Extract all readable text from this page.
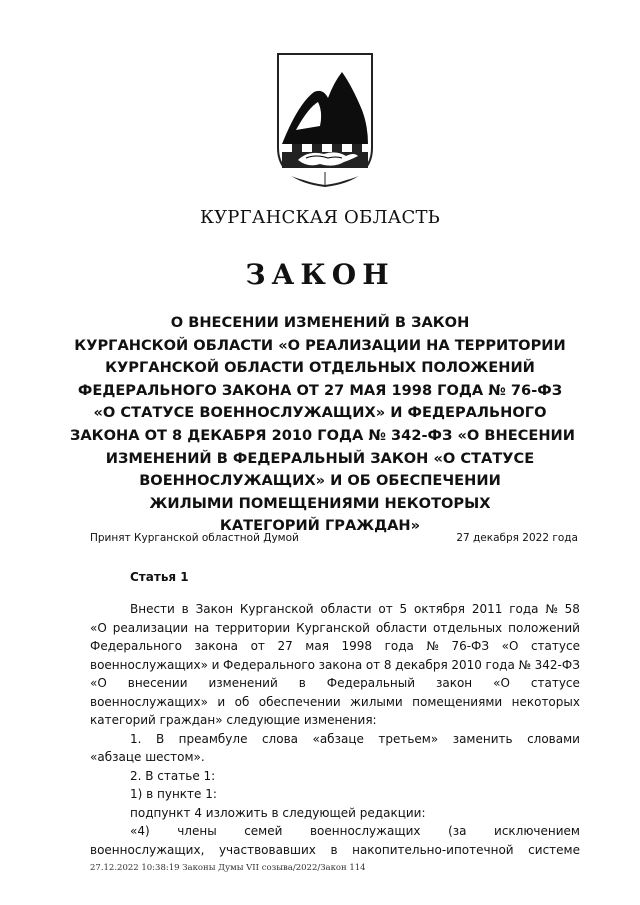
КУРГАНСКАЯ ОБЛАСТЬ
ЗАКОН
О ВНЕСЕНИИ ИЗМЕНЕНИЙ В ЗАКОН
КУРГАНСКОЙ ОБЛАСТИ «О РЕАЛИЗАЦИИ НА ТЕРРИТОРИИ
КУРГАНСКОЙ ОБЛАСТИ ОТДЕЛЬНЫХ ПОЛОЖЕНИЙ
ФЕДЕРАЛЬНОГО ЗАКОНА ОТ 27 МАЯ 1998 ГОДА № 76-ФЗ
«О СТАТУСЕ ВОЕННОСЛУЖАЩИХ» И ФЕДЕРАЛЬНОГО
ЗАКОНА ОТ 8 ДЕКАБРЯ 2010 ГОДА № 342-ФЗ «О ВНЕСЕНИИ
ИЗМЕНЕНИЙ В ФЕДЕРАЛЬНЫЙ ЗАКОН «О СТАТУСЕ
ВОЕННОСЛУЖАЩИХ» И ОБ ОБЕСПЕЧЕНИИ
ЖИЛЫМИ ПОМЕЩЕНИЯМИ НЕКОТОРЫХ
КАТЕГОРИЙ ГРАЖДАН»
Принят Курганской областной Думой	27 декабря 2022 года
Статья 1
Внести в Закон Курганской области от 5 октября 2011 года № 58
«О реализации на территории Курганской области отдельных положений
Федерального закона от 27 мая 1998 года № 76-ФЗ «О статусе
военнослужащих» и Федерального закона от 8 декабря 2010 года № 342-ФЗ
«О внесении изменений в Федеральный закон «О статусе
военнослужащих» и об обеспечении жилыми помещениями некоторых
категорий граждан» следующие изменения:
1. В преамбуле слова «абзаце третьем» заменить словами
«абзаце шестом».
2. В статье 1:
1) в пункте 1:
подпункт 4 изложить в следующей редакции:
«4) члены семей военнослужащих (за исключением
военнослужащих, участвовавших в накопительно-ипотечной системе
27.12.2022 10:38:19 Законы Думы VII созыва/2022/Закон 114
